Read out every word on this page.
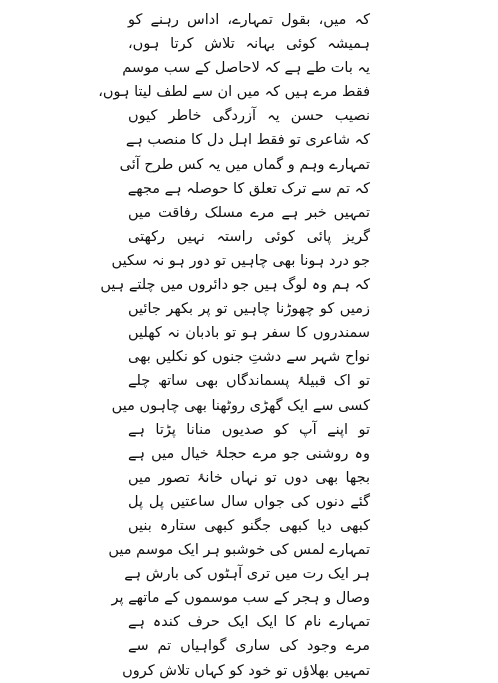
کہ میں، بقول تمہارے، اداس رہنے کو
ہمیشہ کوئی بہانہ تلاش کرتا ہوں،
یہ بات طے ہے کہ لاحاصل کے سب موسم
فقط مرے ہیں کہ میں ان سے لطف لیتا ہوں،
نصیب حسن یہ آزردگی خاطر کیوں
کہ شاعری تو فقط اہل دل کا منصب ہے
تمہارے وہم و گماں میں یہ کس طرح آئی
کہ تم سے ترک تعلق کا حوصلہ ہے مجھے
تمہیں خبر ہے مرے مسلک رفاقت میں
گریز پائی کوئی راستہ نہیں رکھتی
جو درد ہونا بھی چاہیں تو دور ہو نہ سکیں
کہ ہم وہ لوگ ہیں جو دائروں میں چلتے ہیں
زمیں کو چھوڑنا چاہیں تو پر بکھر جائیں
سمندروں کا سفر ہو تو بادبان نہ کھلیں
نواح شہر سے دشتِ جنوں کو نکلیں بھی
تو اک قبیلۂ پسماندگاں بھی ساتھ چلے
کسی سے ایک گھڑی روٹھنا بھی چاہوں میں
تو اپنے آپ کو صدیوں منانا پڑتا ہے
وہ روشنی جو مرے حجلۂ خیال میں ہے
بجھا بھی دوں تو نہاں خانۂ تصور میں
گئے دنوں کی جواں سال ساعتیں پل پل
کبھی دیا کبھی جگنو کبھی ستارہ بنیں
تمہارے لمس کی خوشبو ہر ایک موسم میں
ہر ایک رت میں تری آہٹوں کی بارش ہے
وصال و ہجر کے سب موسموں کے ماتھے پر
تمہارے نام کا ایک ایک حرف کندہ ہے
مرے وجود کی ساری گواہیاں تم سے
تمہیں بھلاؤں تو خود کو کہاں تلاش کروں
